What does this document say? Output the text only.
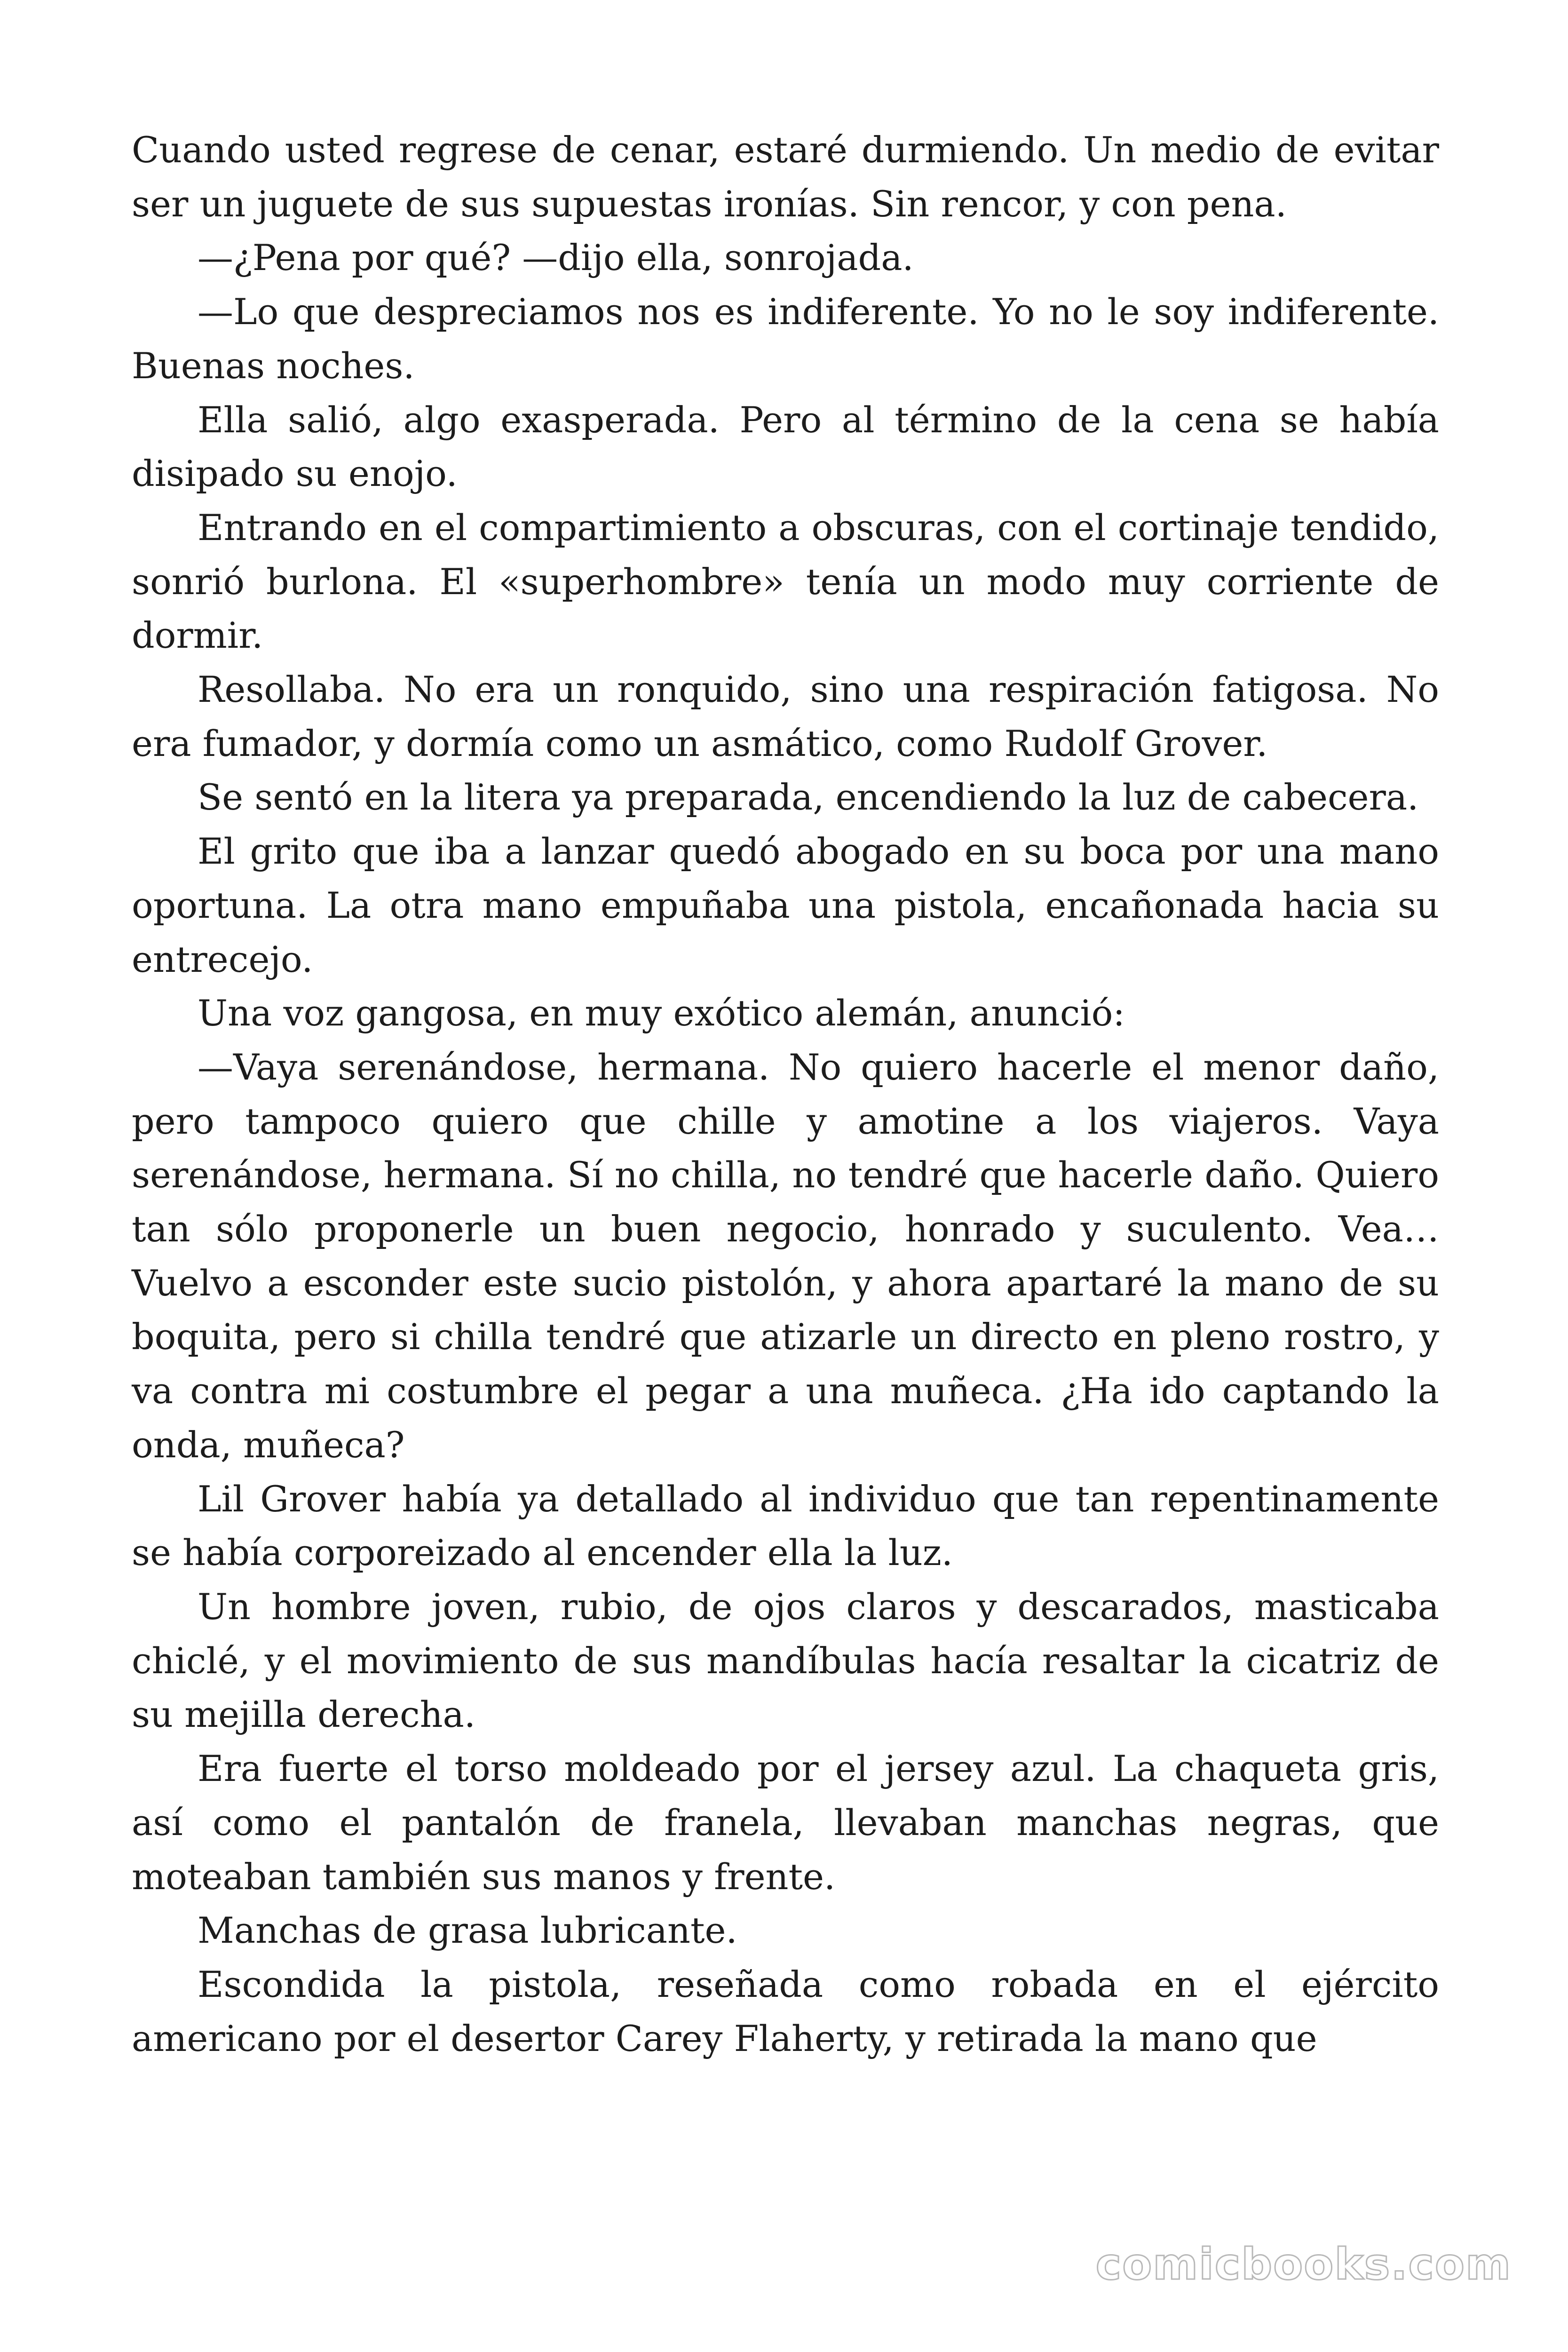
Cuando usted regrese de cenar, estaré durmiendo. Un medio de evitar ser un juguete de sus supuestas ironías. Sin rencor, y con pena.

—¿Pena por qué? —dijo ella, sonrojada.

—Lo que despreciamos nos es indiferente. Yo no le soy indiferente. Buenas noches.

Ella salió, algo exasperada. Pero al término de la cena se había disipado su enojo.

Entrando en el compartimiento a obscuras, con el cortinaje tendido, sonrió burlona. El «superhombre» tenía un modo muy corriente de dormir.

Resollaba. No era un ronquido, sino una respiración fatigosa. No era fumador, y dormía como un asmático, como Rudolf Grover.

Se sentó en la litera ya preparada, encendiendo la luz de cabecera.

El grito que iba a lanzar quedó abogado en su boca por una mano oportuna. La otra mano empuñaba una pistola, encañonada hacia su entrecejo.

Una voz gangosa, en muy exótico alemán, anunció:

—Vaya serenándose, hermana. No quiero hacerle el menor daño, pero tampoco quiero que chille y amotine a los viajeros. Vaya serenándose, hermana. Sí no chilla, no tendré que hacerle daño. Quiero tan sólo proponerle un buen negocio, honrado y suculento. Vea… Vuelvo a esconder este sucio pistolón, y ahora apartaré la mano de su boquita, pero si chilla tendré que atizarle un directo en pleno rostro, y va contra mi costumbre el pegar a una muñeca. ¿Ha ido captando la onda, muñeca?

Lil Grover había ya detallado al individuo que tan repentinamente se había corporeizado al encender ella la luz.

Un hombre joven, rubio, de ojos claros y descarados, masticaba chiclé, y el movimiento de sus mandíbulas hacía resaltar la cicatriz de su mejilla derecha.

Era fuerte el torso moldeado por el jersey azul. La chaqueta gris, así como el pantalón de franela, llevaban manchas negras, que moteaban también sus manos y frente.

Manchas de grasa lubricante.

Escondida la pistola, reseñada como robada en el ejército americano por el desertor Carey Flaherty, y retirada la mano que

comicbooks.com
